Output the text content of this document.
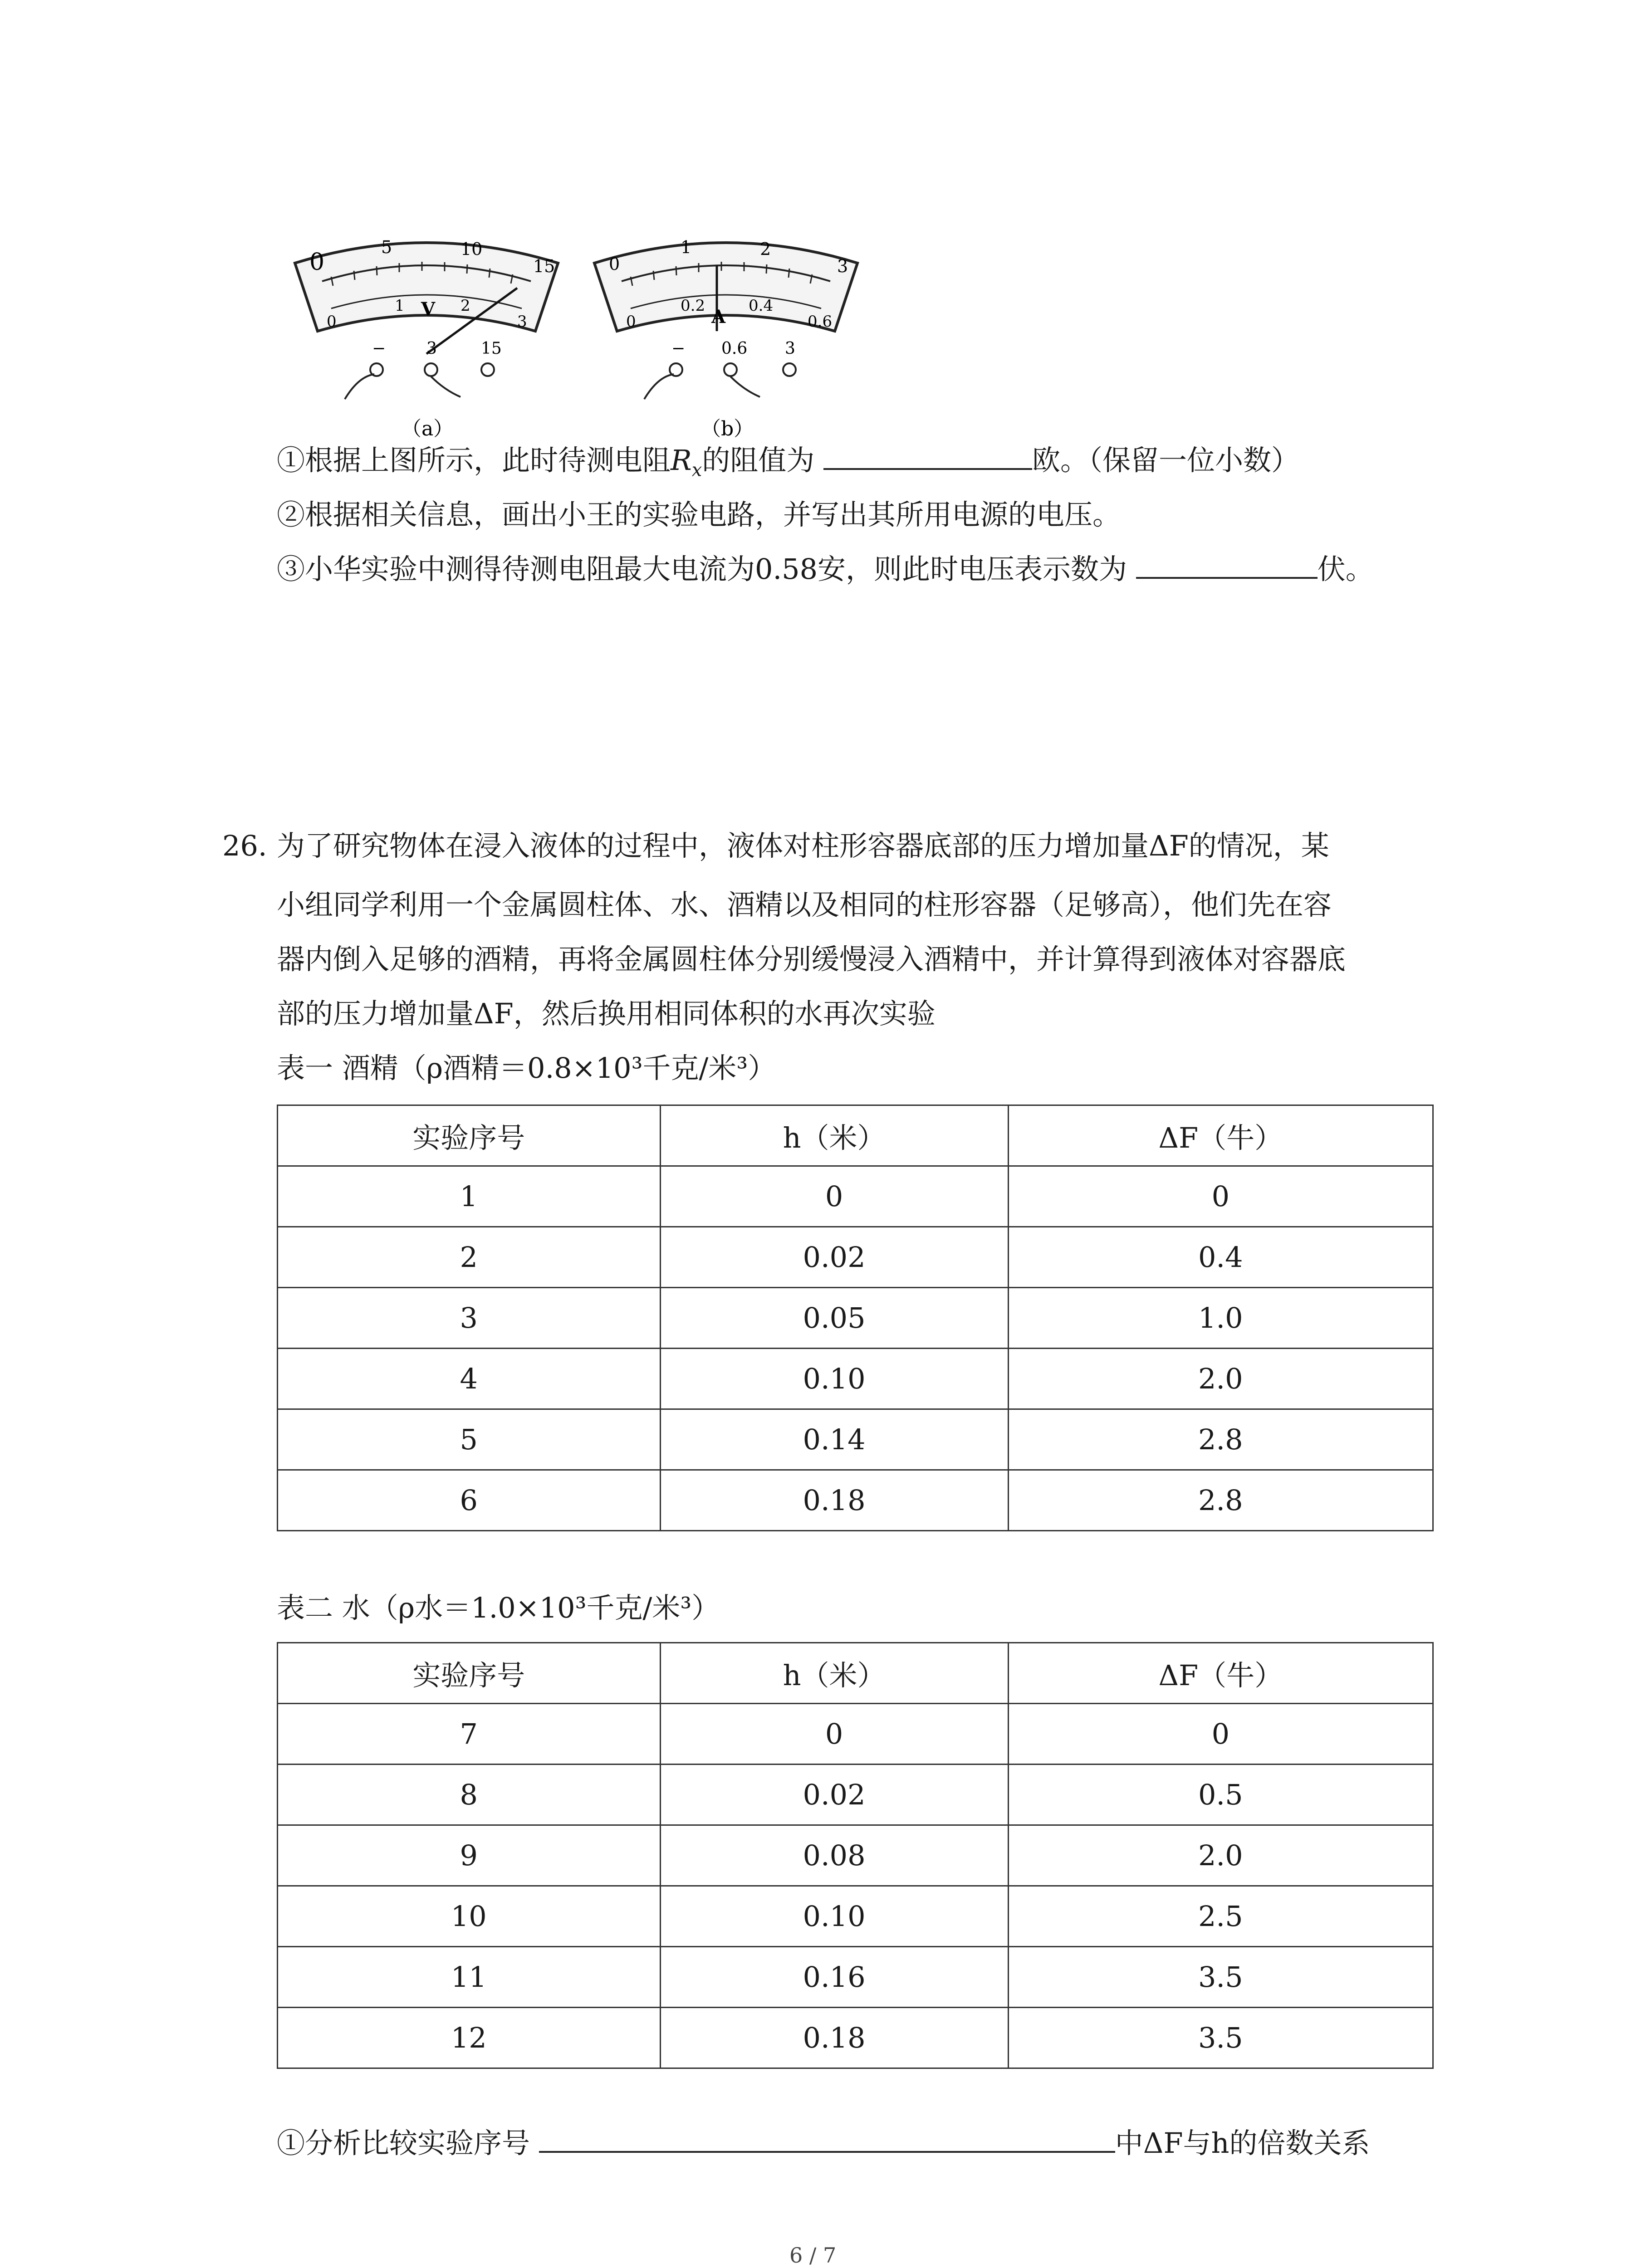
0
5	10
15
0
1	2
3
V
− 3	15
（a）
0
1	2
3
0
0.2	0.4
0.6
A
− 0.6 3
（b）
①根据上图所示，此时待测电阻$R_x$的阻值为	欧。（保留一位小数）
②根据相关信息，画出小王的实验电路，并写出其所用电源的电压。
③小华实验中测得待测电阻最大电流为0.58安，则此时电压表示数为	伏。
26. 为了研究物体在浸入液体的过程中，液体对柱形容器底部的压力增加量ΔF的情况，某
小组同学利用一个金属圆柱体、水、酒精以及相同的柱形容器（足够高），他们先在容
器内倒入足够的酒精，再将金属圆柱体分别缓慢浸入酒精中，并计算得到液体对容器底
部的压力增加量ΔF，然后换用相同体积的水再次实验
表一 酒精（ρ酒精＝0.8×10³千克/米³）
实验序号	h（米）	ΔF（牛）
1	0	0
2	0.02	0.4
3	0.05	1.0
4	0.10	2.0
5	0.14	2.8
6	0.18	2.8
表二 水（ρ水＝1.0×10³千克/米³）
实验序号	h（米）	ΔF（牛）
7	0	0
8	0.02	0.5
9	0.08	2.0
10	0.10	2.5
11	0.16	3.5
12	0.18	3.5
①分析比较实验序号	中ΔF与h的倍数关系
6 / 7
